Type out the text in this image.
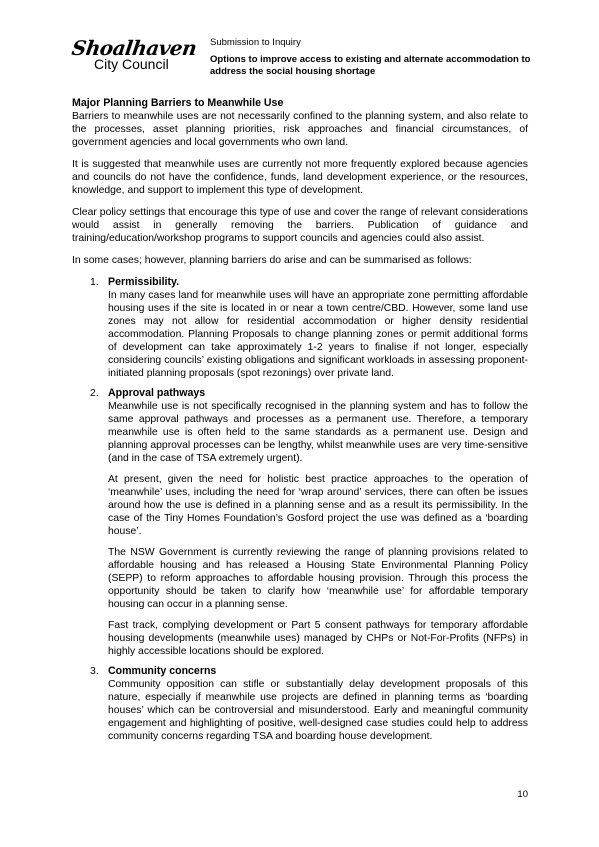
Shoalhaven
City Council
Submission to Inquiry
Options to improve access to existing and alternate accommodation to address the social housing shortage
Major Planning Barriers to Meanwhile Use

Barriers to meanwhile uses are not necessarily confined to the planning system, and also relate to the processes, asset planning priorities, risk approaches and financial circumstances, of government agencies and local governments who own land.

It is suggested that meanwhile uses are currently not more frequently explored because agencies and councils do not have the confidence, funds, land development experience, or the resources, knowledge, and support to implement this type of development.

Clear policy settings that encourage this type of use and cover the range of relevant considerations would assist in generally removing the barriers. Publication of guidance and training/education/workshop programs to support councils and agencies could also assist.

In some cases; however, planning barriers do arise and can be summarised as follows:

1. Permissibility.

In many cases land for meanwhile uses will have an appropriate zone permitting affordable housing uses if the site is located in or near a town centre/CBD. However, some land use zones may not allow for residential accommodation or higher density residential accommodation. Planning Proposals to change planning zones or permit additional forms of development can take approximately 1-2 years to finalise if not longer, especially considering councils’ existing obligations and significant workloads in assessing proponent-initiated planning proposals (spot rezonings) over private land.

2. Approval pathways

Meanwhile use is not specifically recognised in the planning system and has to follow the same approval pathways and processes as a permanent use. Therefore, a temporary meanwhile use is often held to the same standards as a permanent use. Design and planning approval processes can be lengthy, whilst meanwhile uses are very time-sensitive (and in the case of TSA extremely urgent).

At present, given the need for holistic best practice approaches to the operation of ‘meanwhile’ uses, including the need for ‘wrap around’ services, there can often be issues around how the use is defined in a planning sense and as a result its permissibility. In the case of the Tiny Homes Foundation’s Gosford project the use was defined as a ‘boarding house’.

The NSW Government is currently reviewing the range of planning provisions related to affordable housing and has released a Housing State Environmental Planning Policy (SEPP) to reform approaches to affordable housing provision. Through this process the opportunity should be taken to clarify how ‘meanwhile use’ for affordable temporary housing can occur in a planning sense.

Fast track, complying development or Part 5 consent pathways for temporary affordable housing developments (meanwhile uses) managed by CHPs or Not-For-Profits (NFPs) in highly accessible locations should be explored.

3. Community concerns

Community opposition can stifle or substantially delay development proposals of this nature, especially if meanwhile use projects are defined in planning terms as ‘boarding houses’ which can be controversial and misunderstood. Early and meaningful community engagement and highlighting of positive, well-designed case studies could help to address community concerns regarding TSA and boarding house development.

10
